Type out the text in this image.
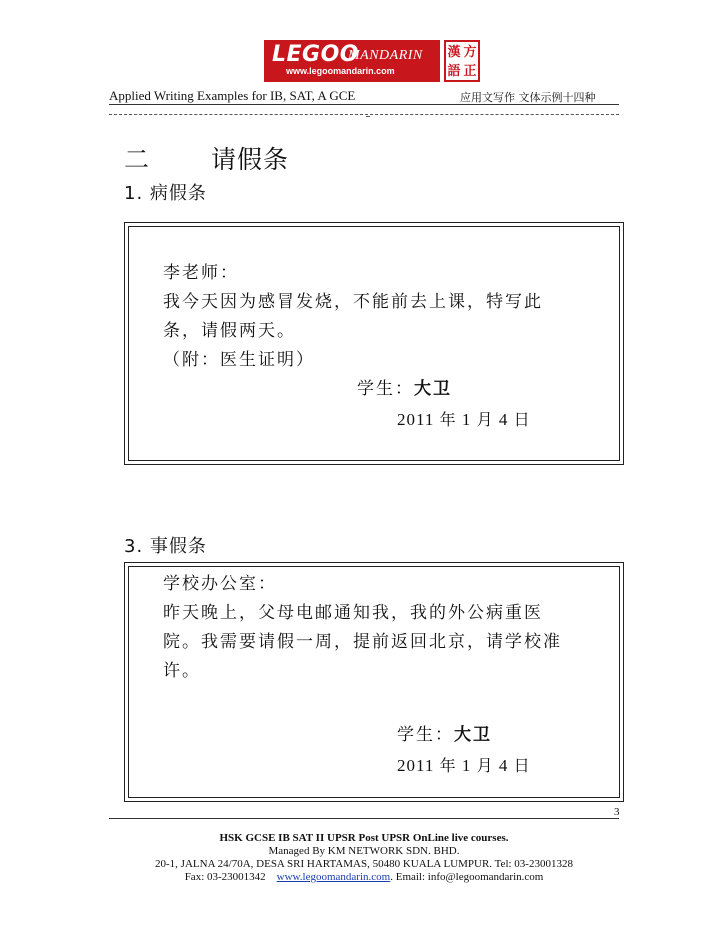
LEGOO
MANDARIN
www.legoomandarin.com
漢 方
語 正
Applied Writing Examples for IB, SAT, A GCE	应用文写作 文体示例十四种
二 请假条
1. 病假条
李老师：
我今天因为感冒发烧，不能前去上课，特写此
条，请假两天。
（附：医生证明）
学生：大卫
2011 年 1 月 4 日
3. 事假条
学校办公室：
昨天晚上，父母电邮通知我，我的外公病重医
院。我需要请假一周，提前返回北京，请学校准
许。
学生：大卫
2011 年 1 月 4 日
3
HSK GCSE IB SAT II UPSR Post UPSR OnLine live courses.
Managed By KM NETWORK SDN. BHD.
20-1, JALNA 24/70A, DESA SRI HARTAMAS, 50480 KUALA LUMPUR. Tel: 03-23001328
Fax: 03-23001342 www.legoomandarin.com. Email: info@legoomandarin.com
